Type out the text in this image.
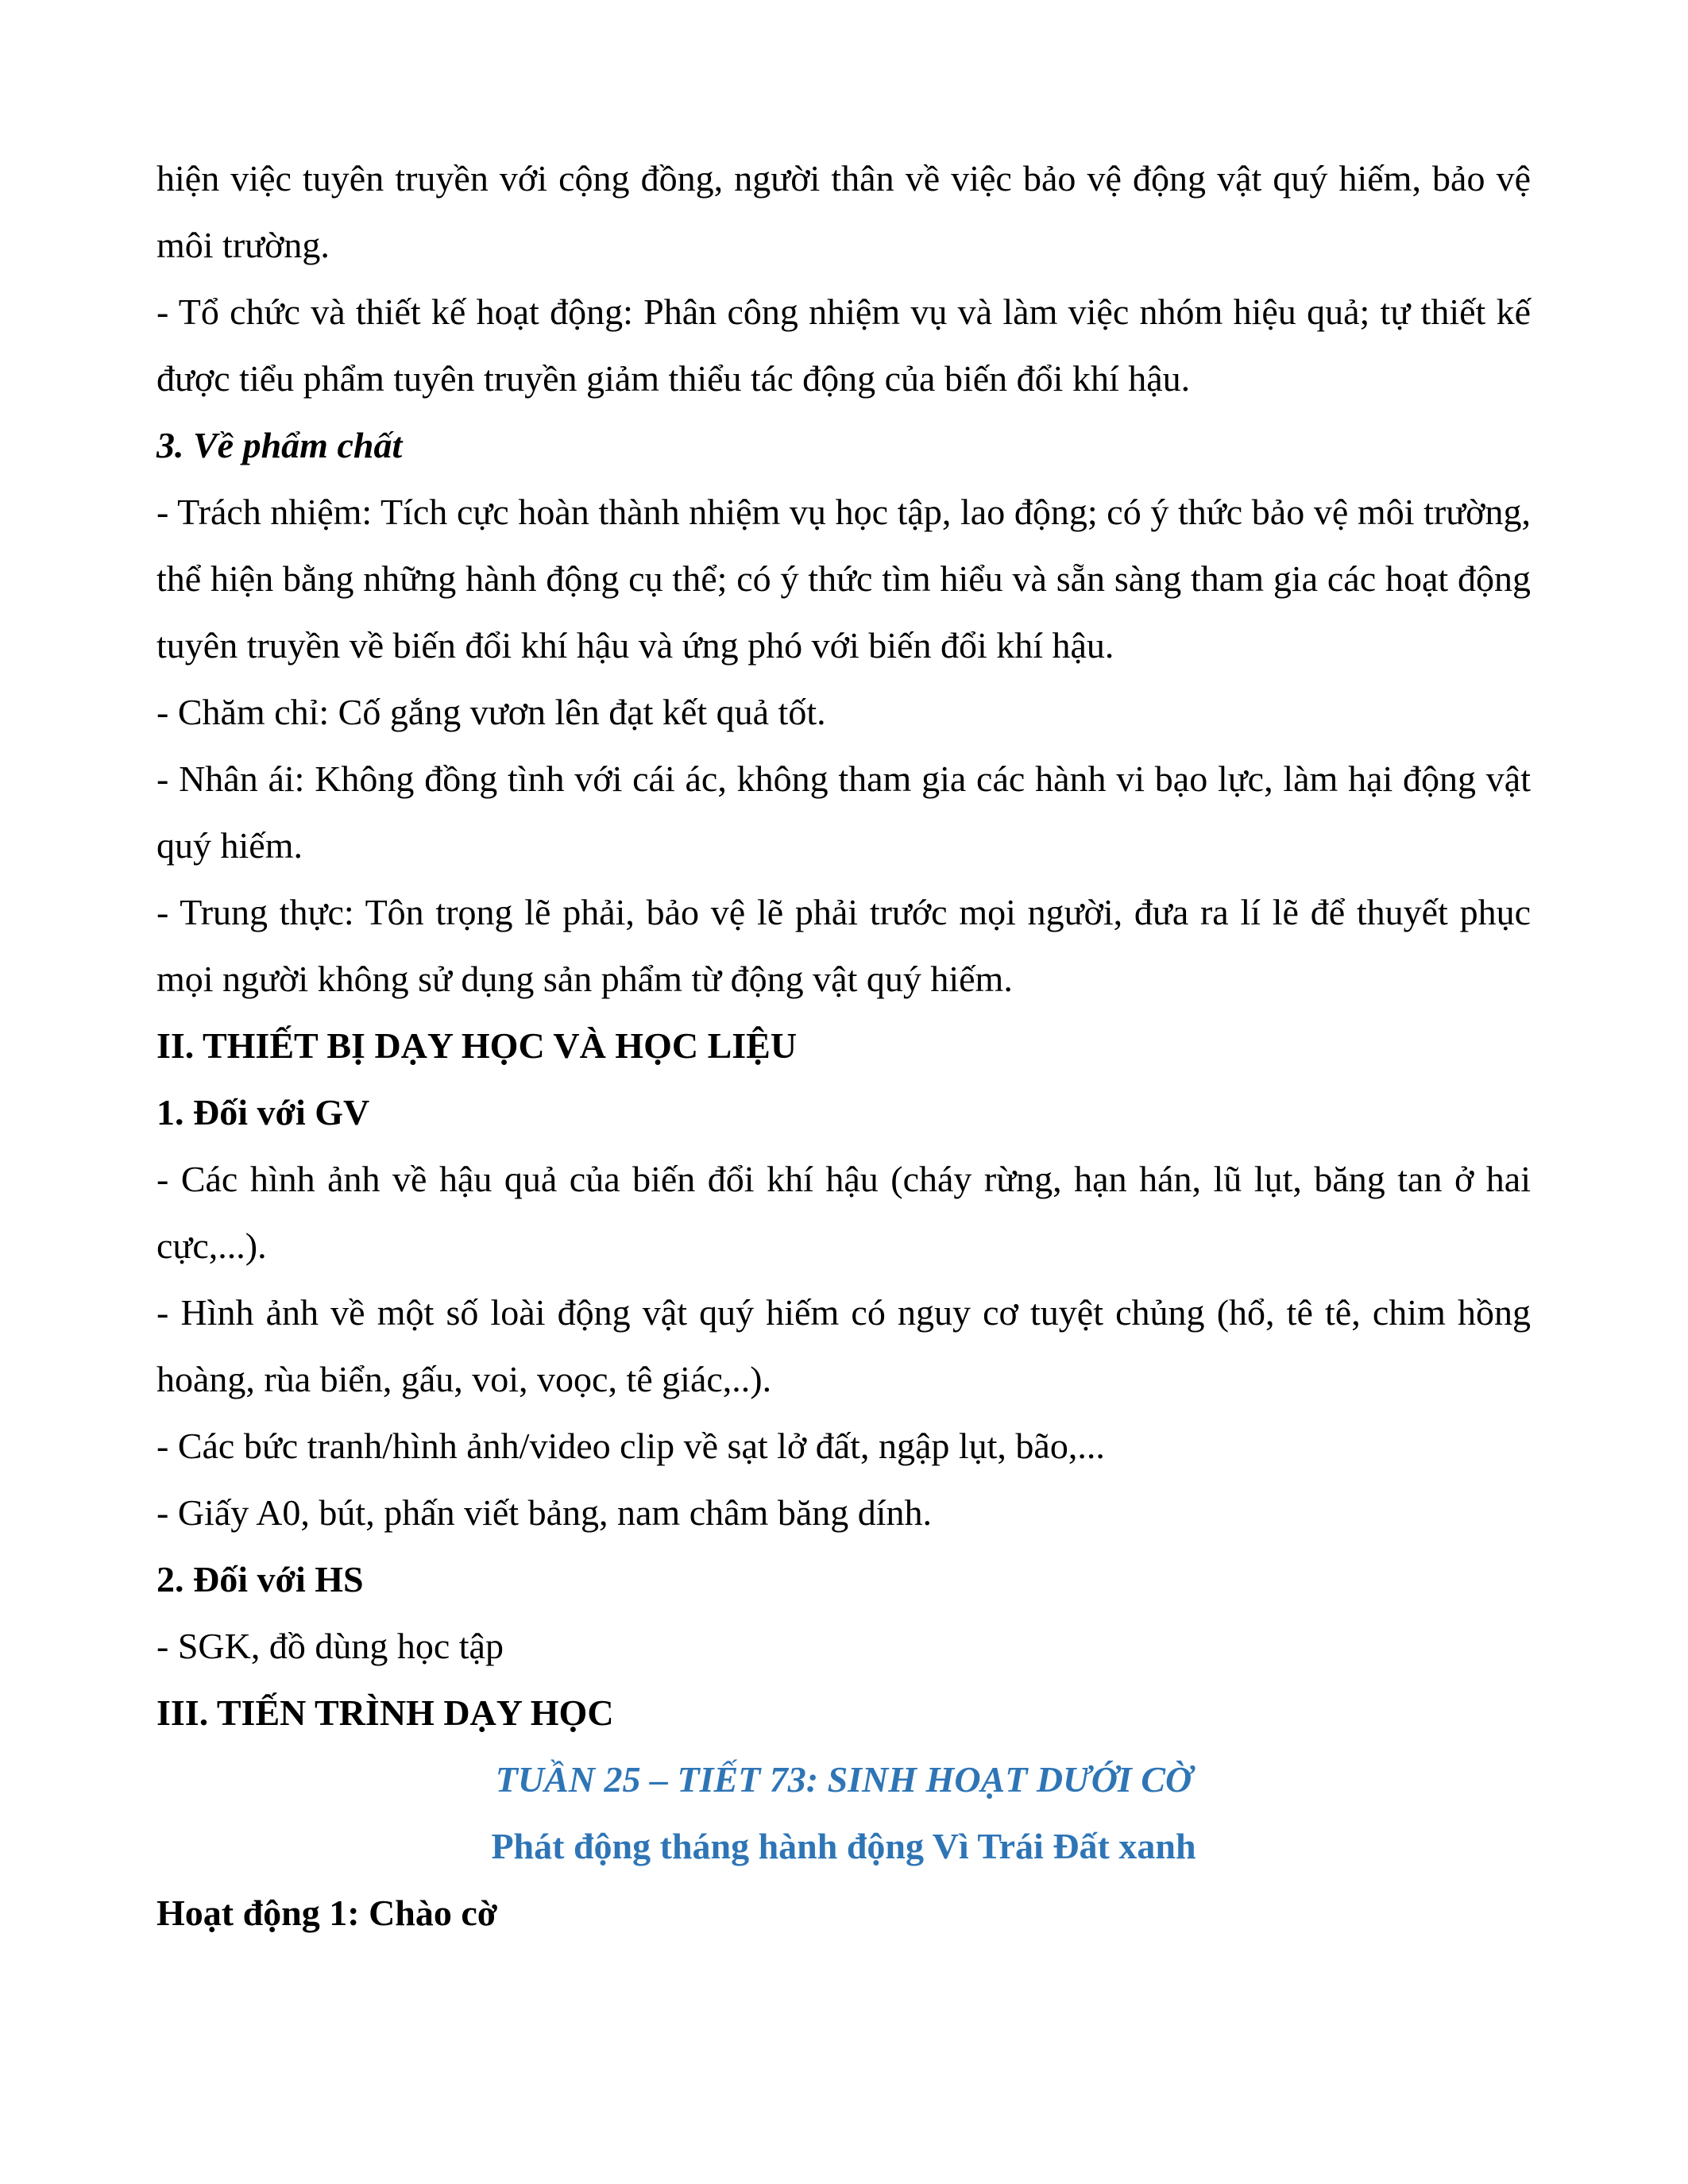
hiện việc tuyên truyền với cộng đồng, người thân về việc bảo vệ động vật quý hiếm, bảo vệ môi trường.

- Tổ chức và thiết kế hoạt động: Phân công nhiệm vụ và làm việc nhóm hiệu quả; tự thiết kế được tiểu phẩm tuyên truyền giảm thiểu tác động của biến đổi khí hậu.

3. Về phẩm chất

- Trách nhiệm: Tích cực hoàn thành nhiệm vụ học tập, lao động; có ý thức bảo vệ môi trường, thể hiện bằng những hành động cụ thể; có ý thức tìm hiểu và sẵn sàng tham gia các hoạt động tuyên truyền về biến đổi khí hậu và ứng phó với biến đổi khí hậu.

- Chăm chỉ: Cố gắng vươn lên đạt kết quả tốt.

- Nhân ái: Không đồng tình với cái ác, không tham gia các hành vi bạo lực, làm hại động vật quý hiếm.

- Trung thực: Tôn trọng lẽ phải, bảo vệ lẽ phải trước mọi người, đưa ra lí lẽ để thuyết phục mọi người không sử dụng sản phẩm từ động vật quý hiếm.

II. THIẾT BỊ DẠY HỌC VÀ HỌC LIỆU

1. Đối với GV

- Các hình ảnh về hậu quả của biến đổi khí hậu (cháy rừng, hạn hán, lũ lụt, băng tan ở hai cực,...).

- Hình ảnh về một số loài động vật quý hiếm có nguy cơ tuyệt chủng (hổ, tê tê, chim hồng hoàng, rùa biển, gấu, voi, voọc, tê giác,..).

- Các bức tranh/hình ảnh/video clip về sạt lở đất, ngập lụt, bão,...

- Giấy A0, bút, phấn viết bảng, nam châm băng dính.

2. Đối với HS

- SGK, đồ dùng học tập

III. TIẾN TRÌNH DẠY HỌC

TUẦN 25 – TIẾT 73: SINH HOẠT DƯỚI CỜ

Phát động tháng hành động Vì Trái Đất xanh

Hoạt động 1: Chào cờ
